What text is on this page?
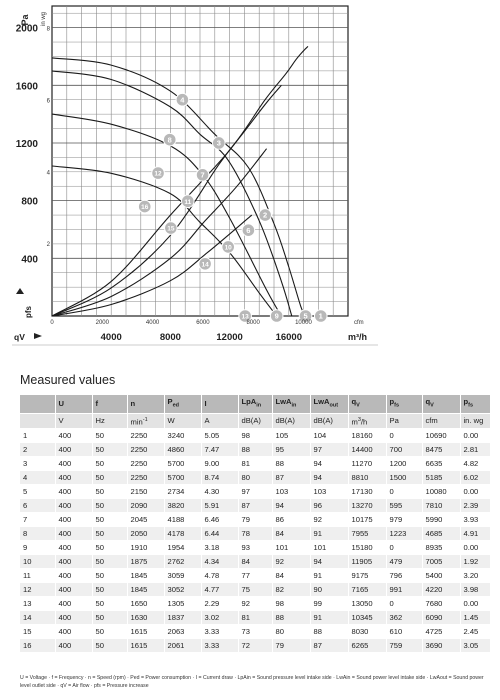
1
2
3
4
5
6
7
8
9
10
11
12
13
14
15
16
400
800
1200
1600
2000
2
4
6
8
Pa in wg
pfs
0	2000	4000	6000	8000	10000	cfm
4000	8000	12000	16000	m³/h
qV
Measured values
	U	f	n	$P_{ed}$	I	LpA$_{in}$	LwA$_{in}$	LwA$_{out}$	$q_V$	$p_{fs}$	$q_V$	$p_{fs}$
	V	Hz	$\min^{-1}$	W	A	dB(A)	dB(A)	dB(A)	$m^3/h$	Pa	cfm	in. wg
1	400	50	2250	3240	5.05	98	105	104	18160	0	10690	0.00
2	400	50	2250	4860	7.47	88	95	97	14400	700	8475	2.81
3	400	50	2250	5700	9.00	81	88	94	11270	1200	6635	4.82
4	400	50	2250	5700	8.74	80	87	94	8810	1500	5185	6.02
5	400	50	2150	2734	4.30	97	103	103	17130	0	10080	0.00
6	400	50	2090	3820	5.91	87	94	96	13270	595	7810	2.39
7	400	50	2045	4188	6.46	79	86	92	10175	979	5990	3.93
8	400	50	2050	4178	6.44	78	84	91	7955	1223	4685	4.91
9	400	50	1910	1954	3.18	93	101	101	15180	0	8935	0.00
10	400	50	1875	2762	4.34	84	92	94	11905	479	7005	1.92
11	400	50	1845	3059	4.78	77	84	91	9175	796	5400	3.20
12	400	50	1845	3052	4.77	75	82	90	7165	991	4220	3.98
13	400	50	1650	1305	2.29	92	98	99	13050	0	7680	0.00
14	400	50	1630	1837	3.02	81	88	91	10345	362	6090	1.45
15	400	50	1615	2063	3.33	73	80	88	8030	610	4725	2.45
16	400	50	1615	2061	3.33	72	79	87	6265	759	3690	3.05
U = Voltage · f = Frequency · n = Speed (rpm) · Ped = Power consumption · I = Current draw · LpAin = Sound pressure level intake side · LwAin = Sound power level intake side · LwAout = Sound power level outlet side · qV = Air flow · pfs = Pressure increase
